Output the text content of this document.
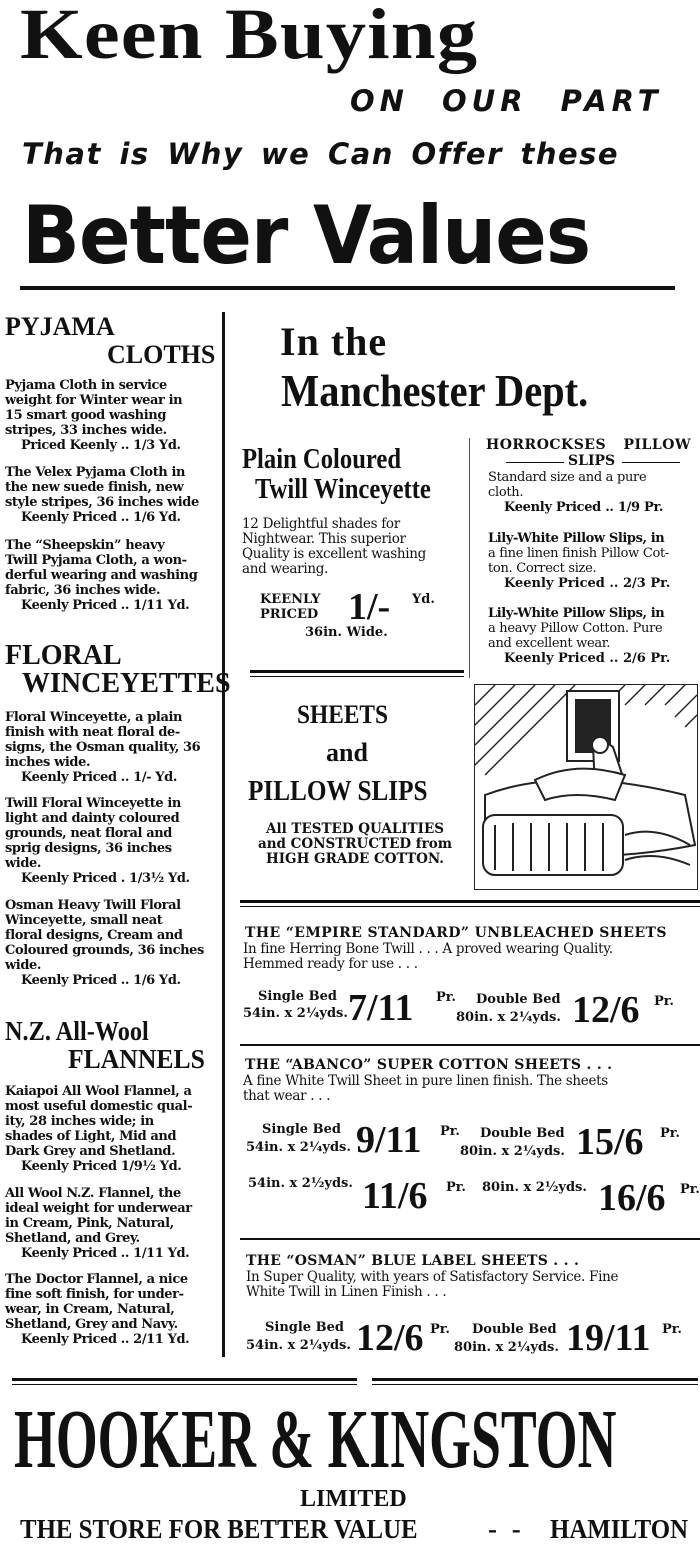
Keen Buying
ON OUR PART
That is Why we Can Offer these
Better Values
PYJAMA
CLOTHS
Pyjama Cloth in service
weight for Winter wear in
15 smart good washing
stripes, 33 inches wide.
Priced Keenly .. 1/3 Yd.
The Velex Pyjama Cloth in
the new suede finish, new
style stripes, 36 inches wide
Keenly Priced .. 1/6 Yd.
The “Sheepskin” heavy
Twill Pyjama Cloth, a won-
derful wearing and washing
fabric, 36 inches wide.
Keenly Priced .. 1/11 Yd.
FLORAL
WINCEYETTES
Floral Winceyette, a plain
finish with neat floral de-
signs, the Osman quality, 36
inches wide.
Keenly Priced .. 1/- Yd.
Twill Floral Winceyette in
light and dainty coloured
grounds, neat floral and
sprig designs, 36 inches
wide.
Keenly Priced . 1/3½ Yd.
Osman Heavy Twill Floral
Winceyette, small neat
floral designs, Cream and
Coloured grounds, 36 inches
wide.
Keenly Priced .. 1/6 Yd.
N.Z. All-Wool
FLANNELS
Kaiapoi All Wool Flannel, a
most useful domestic qual-
ity, 28 inches wide; in
shades of Light, Mid and
Dark Grey and Shetland.
Keenly Priced 1/9½ Yd.
All Wool N.Z. Flannel, the
ideal weight for underwear
in Cream, Pink, Natural,
Shetland, and Grey.
Keenly Priced .. 1/11 Yd.
The Doctor Flannel, a nice
fine soft finish, for under-
wear, in Cream, Natural,
Shetland, Grey and Navy.
Keenly Priced .. 2/11 Yd.
In the
Manchester Dept.
Plain Coloured
Twill Winceyette
12 Delightful shades for
Nightwear. This superior
Quality is excellent washing
and wearing.
KEENLY
PRICED 1/- Yd.
36in. Wide.
HORROCKSES PILLOW
SLIPS
Standard size and a pure
cloth.
Keenly Priced .. 1/9 Pr.
Lily-White Pillow Slips, in
a fine linen finish Pillow Cot-
ton. Correct size.
Keenly Priced .. 2/3 Pr.
Lily-White Pillow Slips, in
a heavy Pillow Cotton. Pure
and excellent wear.
Keenly Priced .. 2/6 Pr.
SHEETS
and
PILLOW SLIPS
All TESTED QUALITIES
and CONSTRUCTED from
HIGH GRADE COTTON.
THE “EMPIRE STANDARD” UNBLEACHED SHEETS
In fine Herring Bone Twill . . . A proved wearing Quality.
Hemmed ready for use . . .
Single Bed
54in. x 2¼yds. 7/11 Pr. Double Bed
80in. x 2¼yds. 12/6 Pr.
THE “ABANCO” SUPER COTTON SHEETS . . .
A fine White Twill Sheet in pure linen finish. The sheets
that wear . . .
Single Bed
54in. x 2¼yds. 9/11 Pr. Double Bed
80in. x 2¼yds. 15/6 Pr.
54in. x 2½yds. 11/6 Pr. 80in. x 2½yds. 16/6 Pr.
THE “OSMAN” BLUE LABEL SHEETS . . .
In Super Quality, with years of Satisfactory Service. Fine
White Twill in Linen Finish . . .
Single Bed
54in. x 2¼yds. 12/6 Pr. Double Bed
80in. x 2¼yds. 19/11 Pr.
HOOKER & KINGSTON
LIMITED
THE STORE FOR BETTER VALUE	- - HAMILTON
